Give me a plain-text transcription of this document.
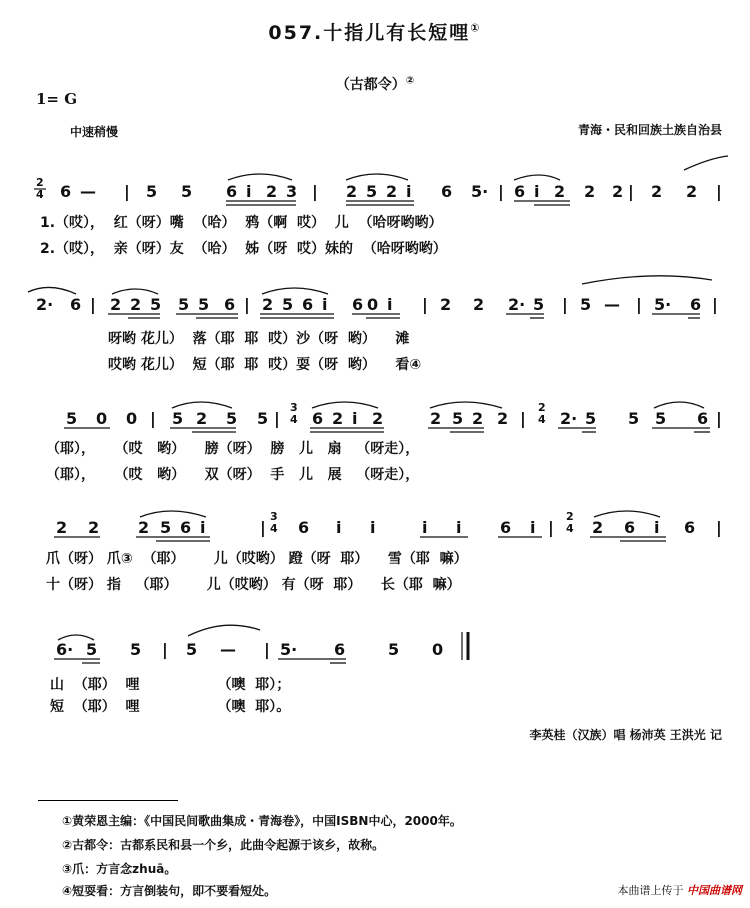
057.十指儿有长短哩①
（古都令）②
1= G
中速稍慢	青海・民和回族土族自治县
2
4 6 — | 5 5 6 i 2 3 | 2 5 2 i 6 5· | 6 i 2 2 2 | 2 2 |
2· 6 | 2 2 5 5 5 6 | 2 5 6 i 6 0 i | 2 2 2· 5 | 5 — | 5· 6 |
5 0 0 | 5 2 5 5 |
3
4 6 2 i 2	2 5 2 2 |
2
4 2· 5 5 5 6 |
2 2 2 5 6 i	|
3
4 6 i i	i i 6 i |
2
4 2 6 i 6 |
6· 5 5 | 5 — | 5· 6	5 0
1.（哎），  红（呀）嘴  （哈）  鸦（啊  哎）  儿  （哈呀哟哟）
2.（哎），  亲（呀）友  （哈）  姊（呀  哎）妹的  （哈呀哟哟）
呀哟 花儿）  落（耶  耶  哎）沙（呀  哟）    滩
哎哟 花儿）  短（耶  耶  哎）耍（呀  哟）    看④
（耶），    （哎   哟）    膀（呀）  膀   儿   扇   （呀走），
（耶），    （哎   哟）    双（呀）  手   儿   展   （呀走），
爪（呀） 爪③  （耶）      儿（哎哟） 蹬（呀  耶）    雪（耶  嘛）
十（呀） 指   （耶）      儿（哎哟） 有（呀  耶）    长（耶  嘛）
山  （耶）  哩                （噢  耶）；
短  （耶）  哩                （噢  耶）。
李英桂（汉族）唱 杨沛英 王洪光 记
①黄荣恩主编：《中国民间歌曲集成・青海卷》，中国ISBN中心，2000年。
②古都令：古都系民和县一个乡，此曲令起源于该乡，故称。
③爪：方言念zhuā。
④短耍看：方言倒装句，即不要看短处。	本曲谱上传于 中国曲谱网
